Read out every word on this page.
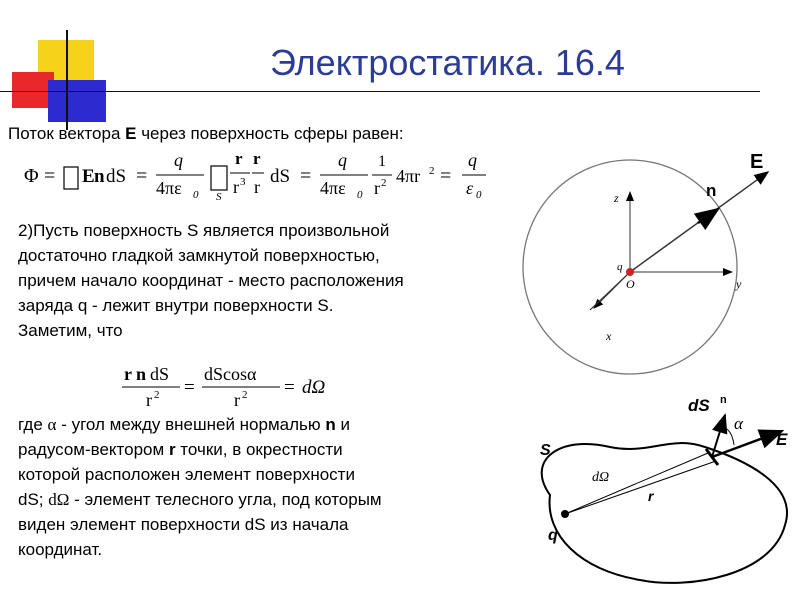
Электростатика. 16.4
Поток вектора E через поверхность сферы равен:
Φ = E n dS =
q
4πε 0 S
r
r 3
r
r dS =
q
4πε 0
1
r 2 4πr 2 =
q
ε 0
2)Пусть поверхность S является произвольной
достаточно гладкой замкнутой поверхностью,
причем начало координат - место расположения
заряда q - лежит внутри поверхности S.
Заметим, что
r n dS
r 2 =
dScosα
r 2 = dΩ
где α - угол между внешней нормалью n и
радусом-вектором r точки, в окрестности
которой расположен элемент поверхности
dS; dΩ - элемент телесного угла, под которым
виден элемент поверхности dS из начала
координат.
E
n
z
q
O	y
x
dS n
α
E
S
dΩ
r
q
